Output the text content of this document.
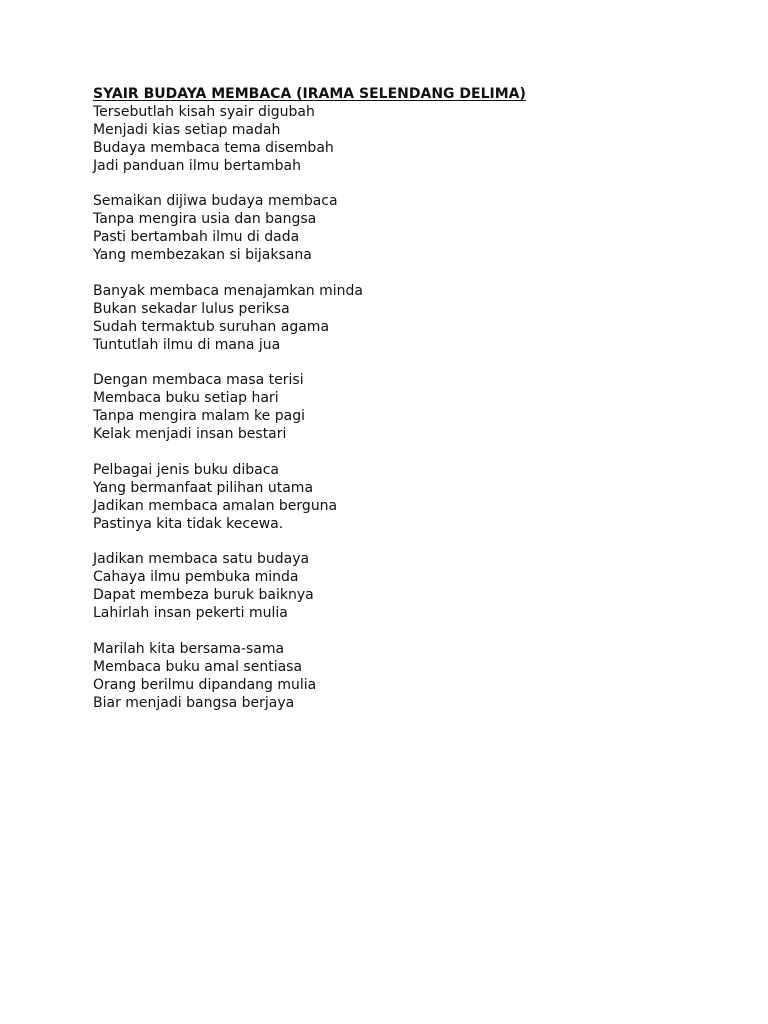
SYAIR BUDAYA MEMBACA (IRAMA SELENDANG DELIMA)
Tersebutlah kisah syair digubah
Menjadi kias setiap madah
Budaya membaca tema disembah
Jadi panduan ilmu bertambah
Semaikan dijiwa budaya membaca
Tanpa mengira usia dan bangsa
Pasti bertambah ilmu di dada
Yang membezakan si bijaksana
Banyak membaca menajamkan minda
Bukan sekadar lulus periksa
Sudah termaktub suruhan agama
Tuntutlah ilmu di mana jua
Dengan membaca masa terisi
Membaca buku setiap hari
Tanpa mengira malam ke pagi
Kelak menjadi insan bestari
Pelbagai jenis buku dibaca
Yang bermanfaat pilihan utama
Jadikan membaca amalan berguna
Pastinya kita tidak kecewa.
Jadikan membaca satu budaya
Cahaya ilmu pembuka minda
Dapat membeza buruk baiknya
Lahirlah insan pekerti mulia
Marilah kita bersama-sama
Membaca buku amal sentiasa
Orang berilmu dipandang mulia
Biar menjadi bangsa berjaya
